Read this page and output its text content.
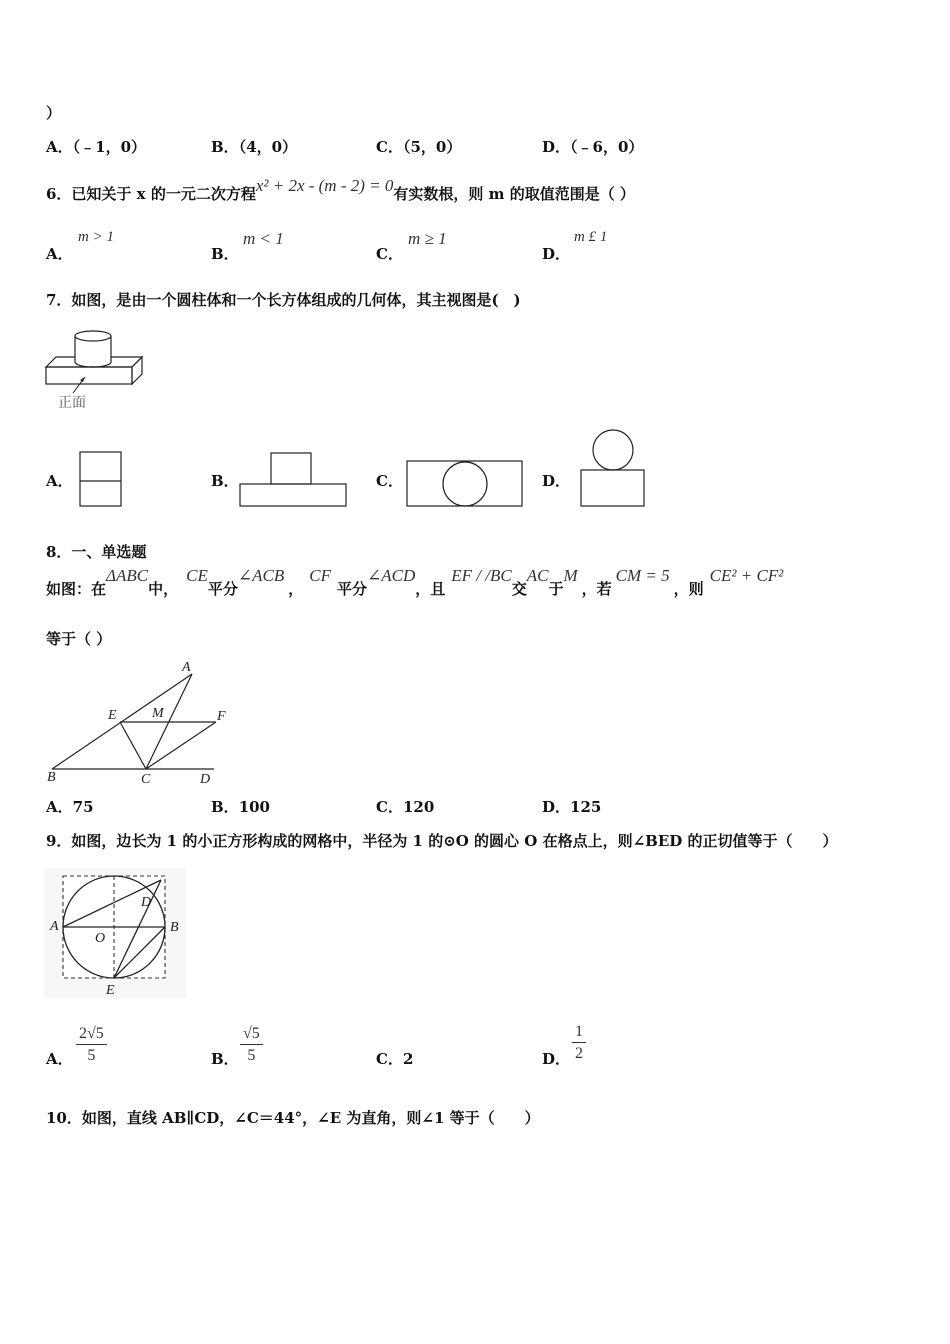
）
A．（﹣1，0）	B．（4，0）	C．（5，0）	D．（﹣6，0）
6．已知关于 x 的一元二次方程x² + 2x - (m - 2) = 0有实数根，则 m 的取值范围是（ ）
A．
m > 1
B．
m < 1
C．
m ≥ 1
D．
m £ 1
7．如图，是由一个圆柱体和一个长方体组成的几何体，其主视图是(　)
正面
A．	B．	C．	D．
8．一、单选题
如图：在ΔABC中，CE平分∠ACB，CF平分∠ACD，且EF / /BC交AC于M，若CM = 5，则CE² + CF²
等于（ ）
A
B	C	D
E	F
M
A．75	B．100	C．120	D．125
9．如图，边长为 1 的小正方形构成的网格中，半径为 1 的⊙O 的圆心 O 在格点上，则∠BED 的正切值等于（　　）
A	B
D
E
O
A． $\frac{2√5}{5}$	B． $\frac{√5}{5}$	C．2	D． $\frac{1}{2}$
10．如图，直线 AB∥CD，∠C＝44°，∠E 为直角，则∠1 等于（　　）
